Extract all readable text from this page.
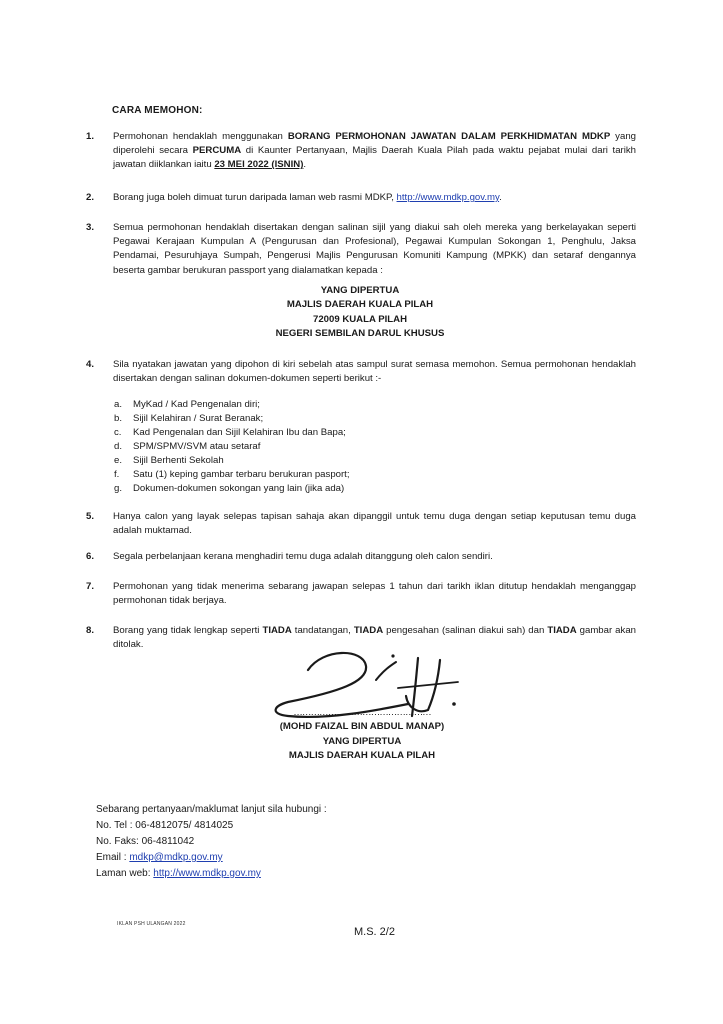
CARA MEMOHON:
1.	Permohonan hendaklah menggunakan BORANG PERMOHONAN JAWATAN DALAM PERKHIDMATAN MDKP yang diperolehi secara PERCUMA di Kaunter Pertanyaan, Majlis Daerah Kuala Pilah pada waktu pejabat mulai dari tarikh jawatan diiklankan iaitu 23 MEI 2022 (ISNIN).
2.	Borang juga boleh dimuat turun daripada laman web rasmi MDKP, http://www.mdkp.gov.my.
3.	Semua permohonan hendaklah disertakan dengan salinan sijil yang diakui sah oleh mereka yang berkelayakan seperti Pegawai Kerajaan Kumpulan A (Pengurusan dan Profesional), Pegawai Kumpulan Sokongan 1, Penghulu, Jaksa Pendamai, Pesuruhjaya Sumpah, Pengerusi Majlis Pengurusan Komuniti Kampung (MPKK) dan setaraf dengannya beserta gambar berukuran passport yang dialamatkan kepada :
YANG DIPERTUA
MAJLIS DAERAH KUALA PILAH
72009 KUALA PILAH
NEGERI SEMBILAN DARUL KHUSUS
4.	Sila nyatakan jawatan yang dipohon di kiri sebelah atas sampul surat semasa memohon. Semua permohonan hendaklah disertakan dengan salinan dokumen-dokumen seperti berikut :-
a.	MyKad / Kad Pengenalan diri;
b.	Sijil Kelahiran / Surat Beranak;
c.	Kad Pengenalan dan Sijil Kelahiran Ibu dan Bapa;
d.	SPM/SPMV/SVM atau setaraf
e.	Sijil Berhenti Sekolah
f.	Satu (1) keping gambar terbaru berukuran pasport;
g.	Dokumen-dokumen sokongan yang lain (jika ada)
5.	Hanya calon yang layak selepas tapisan sahaja akan dipanggil untuk temu duga dengan setiap keputusan temu duga adalah muktamad.
6.	Segala perbelanjaan kerana menghadiri temu duga adalah ditanggung oleh calon sendiri.
7.	Permohonan yang tidak menerima sebarang jawapan selepas 1 tahun dari tarikh iklan ditutup hendaklah menganggap permohonan tidak berjaya.
8.	Borang yang tidak lengkap seperti TIADA tandatangan, TIADA pengesahan (salinan diakui sah) dan TIADA gambar akan ditolak.
…………………………………………
(MOHD FAIZAL BIN ABDUL MANAP)
YANG DIPERTUA
MAJLIS DAERAH KUALA PILAH
Sebarang pertanyaan/maklumat lanjut sila hubungi :
No. Tel : 06-4812075/ 4814025
No. Faks: 06-4811042
Email : mdkp@mdkp.gov.my
Laman web: http://www.mdkp.gov.my
IKLAN PSH ULANGAN 2022
M.S. 2/2
